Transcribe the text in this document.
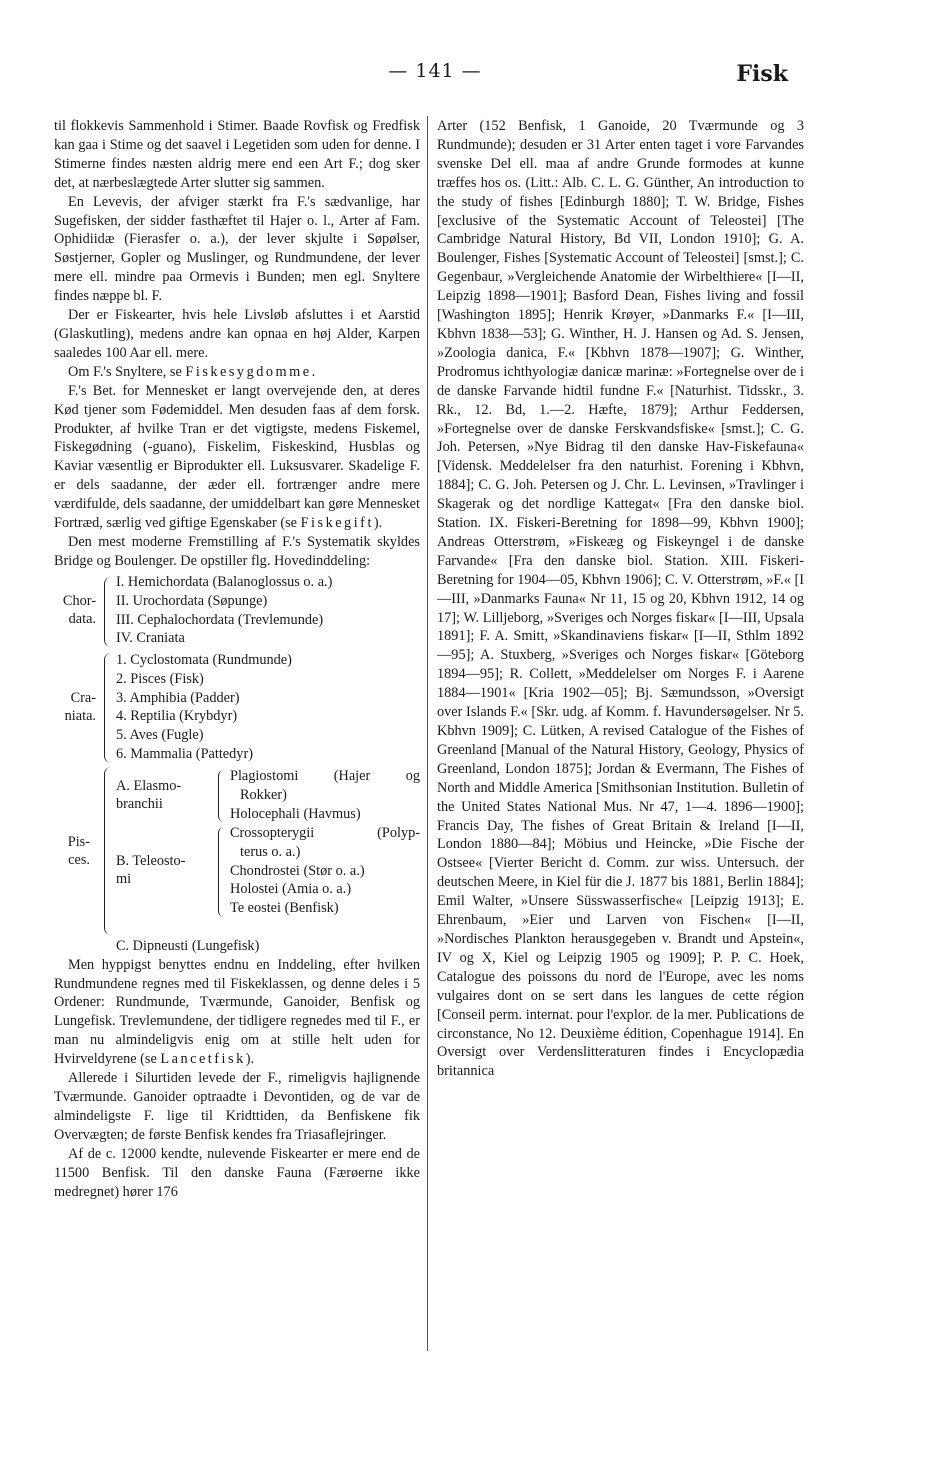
— 141 —	Fisk

til flokkevis Sammenhold i Stimer. Baade Rovfisk og Fredfisk kan gaa i Stime og det saavel i Legetiden som uden for denne. I Stimerne findes næsten aldrig mere end een Art F.; dog sker det, at nærbeslægtede Arter slutter sig sammen.

En Levevis, der afviger stærkt fra F.'s sædvanlige, har Sugefisken, der sidder fasthæftet til Hajer o. l., Arter af Fam. Ophidiidæ (Fierasfer o. a.), der lever skjulte i Søpølser, Søstjerner, Gopler og Muslinger, og Rundmundene, der lever mere ell. mindre paa Ormevis i Bunden; men egl. Snyltere findes næppe bl. F.

Der er Fiskearter, hvis hele Livsløb afsluttes i et Aarstid (Glaskutling), medens andre kan opnaa en høj Alder, Karpen saaledes 100 Aar ell. mere.

Om F.'s Snyltere, se Fiskesygdomme.

F.'s Bet. for Mennesket er langt overvejende den, at deres Kød tjener som Fødemiddel. Men desuden faas af dem forsk. Produkter, af hvilke Tran er det vigtigste, medens Fiskemel, Fiskegødning (-guano), Fiskelim, Fiskeskind, Husblas og Kaviar væsentlig er Biprodukter ell. Luksusvarer. Skadelige F. er dels saadanne, der æder ell. fortrænger andre mere værdifulde, dels saadanne, der umiddelbart kan gøre Mennesket Fortræd, særlig ved giftige Egenskaber (se Fiskegift).

Den mest moderne Fremstilling af F.'s Systematik skyldes Bridge og Boulenger. De opstiller flg. Hovedinddeling:

Chor-
data.
I. Hemichordata (Balanoglossus o. a.)
II. Urochordata (Søpunge)
III. Cephalochordata (Trevlemunde)
IV. Craniata
Cra-
niata.
1. Cyclostomata (Rundmunde)
2. Pisces (Fisk)
3. Amphibia (Padder)
4. Reptilia (Krybdyr)
5. Aves (Fugle)
6. Mammalia (Pattedyr)
Pis-
ces.
A. Elasmo-
branchii
Plagiostomi (Hajer og
Rokker)
Holocephali (Havmus)
B. Teleosto-
mi
Crossopterygii (Polyp-
terus o. a.)
Chondrostei (Stør o. a.)
Holostei (Amia o. a.)
Te eostei (Benfisk)
C. Dipneusti (Lungefisk)

Men hyppigst benyttes endnu en Inddeling, efter hvilken Rundmundene regnes med til Fiskeklassen, og denne deles i 5 Ordener: Rundmunde, Tværmunde, Ganoider, Benfisk og Lungefisk. Trevlemundene, der tidligere regnedes med til F., er man nu almindeligvis enig om at stille helt uden for Hvirveldyrene (se Lancetfisk).

Allerede i Silurtiden levede der F., rimeligvis hajlignende Tværmunde. Ganoider optraadte i Devontiden, og de var de almindeligste F. lige til Kridttiden, da Benfiskene fik Overvægten; de første Benfisk kendes fra Triasaflejringer.

Af de c. 12000 kendte, nulevende Fiskearter er mere end de 11500 Benfisk. Til den danske Fauna (Færøerne ikke medregnet) hører 176

Arter (152 Benfisk, 1 Ganoide, 20 Tværmunde og 3 Rundmunde); desuden er 31 Arter enten taget i vore Farvandes svenske Del ell. maa af andre Grunde formodes at kunne træffes hos os. (Litt.: Alb. C. L. G. Günther, An introduction to the study of fishes [Edinburgh 1880]; T. W. Bridge, Fishes [exclusive of the Systematic Account of Teleostei] [The Cambridge Natural History, Bd VII, London 1910]; G. A. Boulenger, Fishes [Systematic Account of Teleostei] [smst.]; C. Gegenbaur, »Vergleichende Anatomie der Wirbelthiere« [I—II, Leipzig 1898—1901]; Basford Dean, Fishes living and fossil [Washington 1895]; Henrik Krøyer, »Danmarks F.« [I—III, Kbhvn 1838—53]; G. Winther, H. J. Hansen og Ad. S. Jensen, »Zoologia danica, F.« [Kbhvn 1878—1907]; G. Winther, Prodromus ichthyologiæ danicæ marinæ: »Fortegnelse over de i de danske Farvande hidtil fundne F.« [Naturhist. Tidsskr., 3. Rk., 12. Bd, 1.—2. Hæfte, 1879]; Arthur Feddersen, »Fortegnelse over de danske Ferskvandsfiske« [smst.]; C. G. Joh. Petersen, »Nye Bidrag til den danske Hav-Fiskefauna« [Vidensk. Meddelelser fra den naturhist. Forening i Kbhvn, 1884]; C. G. Joh. Petersen og J. Chr. L. Levinsen, »Travlinger i Skagerak og det nordlige Kattegat« [Fra den danske biol. Station. IX. Fiskeri-Beretning for 1898—99, Kbhvn 1900]; Andreas Otterstrøm, »Fiskeæg og Fiskeyngel i de danske Farvande« [Fra den danske biol. Station. XIII. Fiskeri-Beretning for 1904—05, Kbhvn 1906]; C. V. Otterstrøm, »F.« [I—III, »Danmarks Fauna« Nr 11, 15 og 20, Kbhvn 1912, 14 og 17]; W. Lilljeborg, »Sveriges och Norges fiskar« [I—III, Upsala 1891]; F. A. Smitt, »Skandinaviens fiskar« [I—II, Sthlm 1892—95]; A. Stuxberg, »Sveriges och Norges fiskar« [Göteborg 1894—95]; R. Collett, »Meddelelser om Norges F. i Aarene 1884—1901« [Kria 1902—05]; Bj. Sæmundsson, »Oversigt over Islands F.« [Skr. udg. af Komm. f. Havundersøgelser. Nr 5. Kbhvn 1909]; C. Lütken, A revised Catalogue of the Fishes of Greenland [Manual of the Natural History, Geology, Physics of Greenland, London 1875]; Jordan & Evermann, The Fishes of North and Middle America [Smithsonian Institution. Bulletin of the United States National Mus. Nr 47, 1—4. 1896—1900]; Francis Day, The fishes of Great Britain & Ireland [I—II, London 1880—84]; Möbius und Heincke, »Die Fische der Ostsee« [Vierter Bericht d. Comm. zur wiss. Untersuch. der deutschen Meere, in Kiel für die J. 1877 bis 1881, Berlin 1884]; Emil Walter, »Unsere Süsswasserfische« [Leipzig 1913]; E. Ehrenbaum, »Eier und Larven von Fischen« [I—II, »Nordisches Plankton herausgegeben v. Brandt und Apstein«, IV og X, Kiel og Leipzig 1905 og 1909]; P. P. C. Hoek, Catalogue des poissons du nord de l'Europe, avec les noms vulgaires dont on se sert dans les langues de cette région [Conseil perm. internat. pour l'explor. de la mer. Publications de circonstance, No 12. Deuxième édition, Copenhague 1914]. En Oversigt over Verdenslitteraturen findes i Encyclopædia britannica
